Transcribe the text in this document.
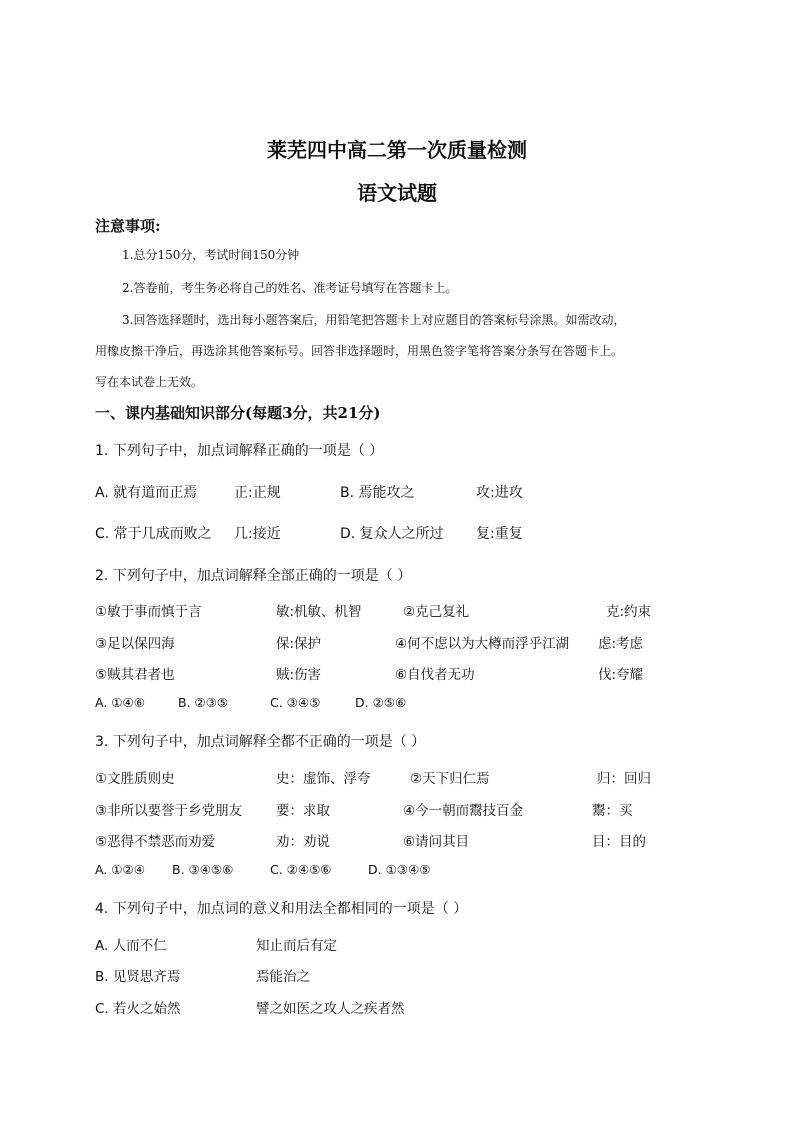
莱芜四中高二第一次质量检测
语文试题
注意事项:
1.总分150分，考试时间150分钟
2.答卷前，考生务必将自己的姓名、准考证号填写在答题卡上。
3.回答选择题时，选出每小题答案后，用铅笔把答题卡上对应题目的答案标号涂黑。如需改动，
用橡皮擦干净后，再选涂其他答案标号。回答非选择题时，用黑色签字笔将答案分条写在答题卡上。
写在本试卷上无效。
一、课内基础知识部分(每题3分，共21分)
1. 下列句子中，加点词解释正确的一项是（ ）
A. 就有道而正焉	正:正规	B. 焉能攻之	攻:进攻
C. 常于几成而败之 几:接近	D. 复众人之所过 复:重复
2. 下列句子中，加点词解释全部正确的一项是（ ）
①敏于事而慎于言	敏:机敏、机智	②克己复礼	克:约束
③足以保四海	保:保护	④何不虑以为大樽而浮乎江湖 虑:考虑
⑤贼其君者也	贼:伤害	⑥自伐者无功	伐:夸耀
A. ①④⑥	B. ②③⑤	C. ③④⑤	D. ②⑤⑥
3. 下列句子中，加点词解释全都不正确的一项是（ ）
①文胜质则史	史：虚饰、浮夸	②天下归仁焉	归：回归
③非所以要誉于乡党朋友	要：求取	④今一朝而鬻技百金	鬻：买
⑤恶得不禁恶而劝爱	劝：劝说	⑥请问其目	目：目的
A. ①②④ B. ③④⑤⑥	C. ②④⑤⑥	D. ①③④⑤
4. 下列句子中，加点词的意义和用法全都相同的一项是（ ）
A. 人而不仁	知止而后有定
B. 见贤思齐焉	焉能治之
C. 若火之始然	譬之如医之攻人之疾者然
